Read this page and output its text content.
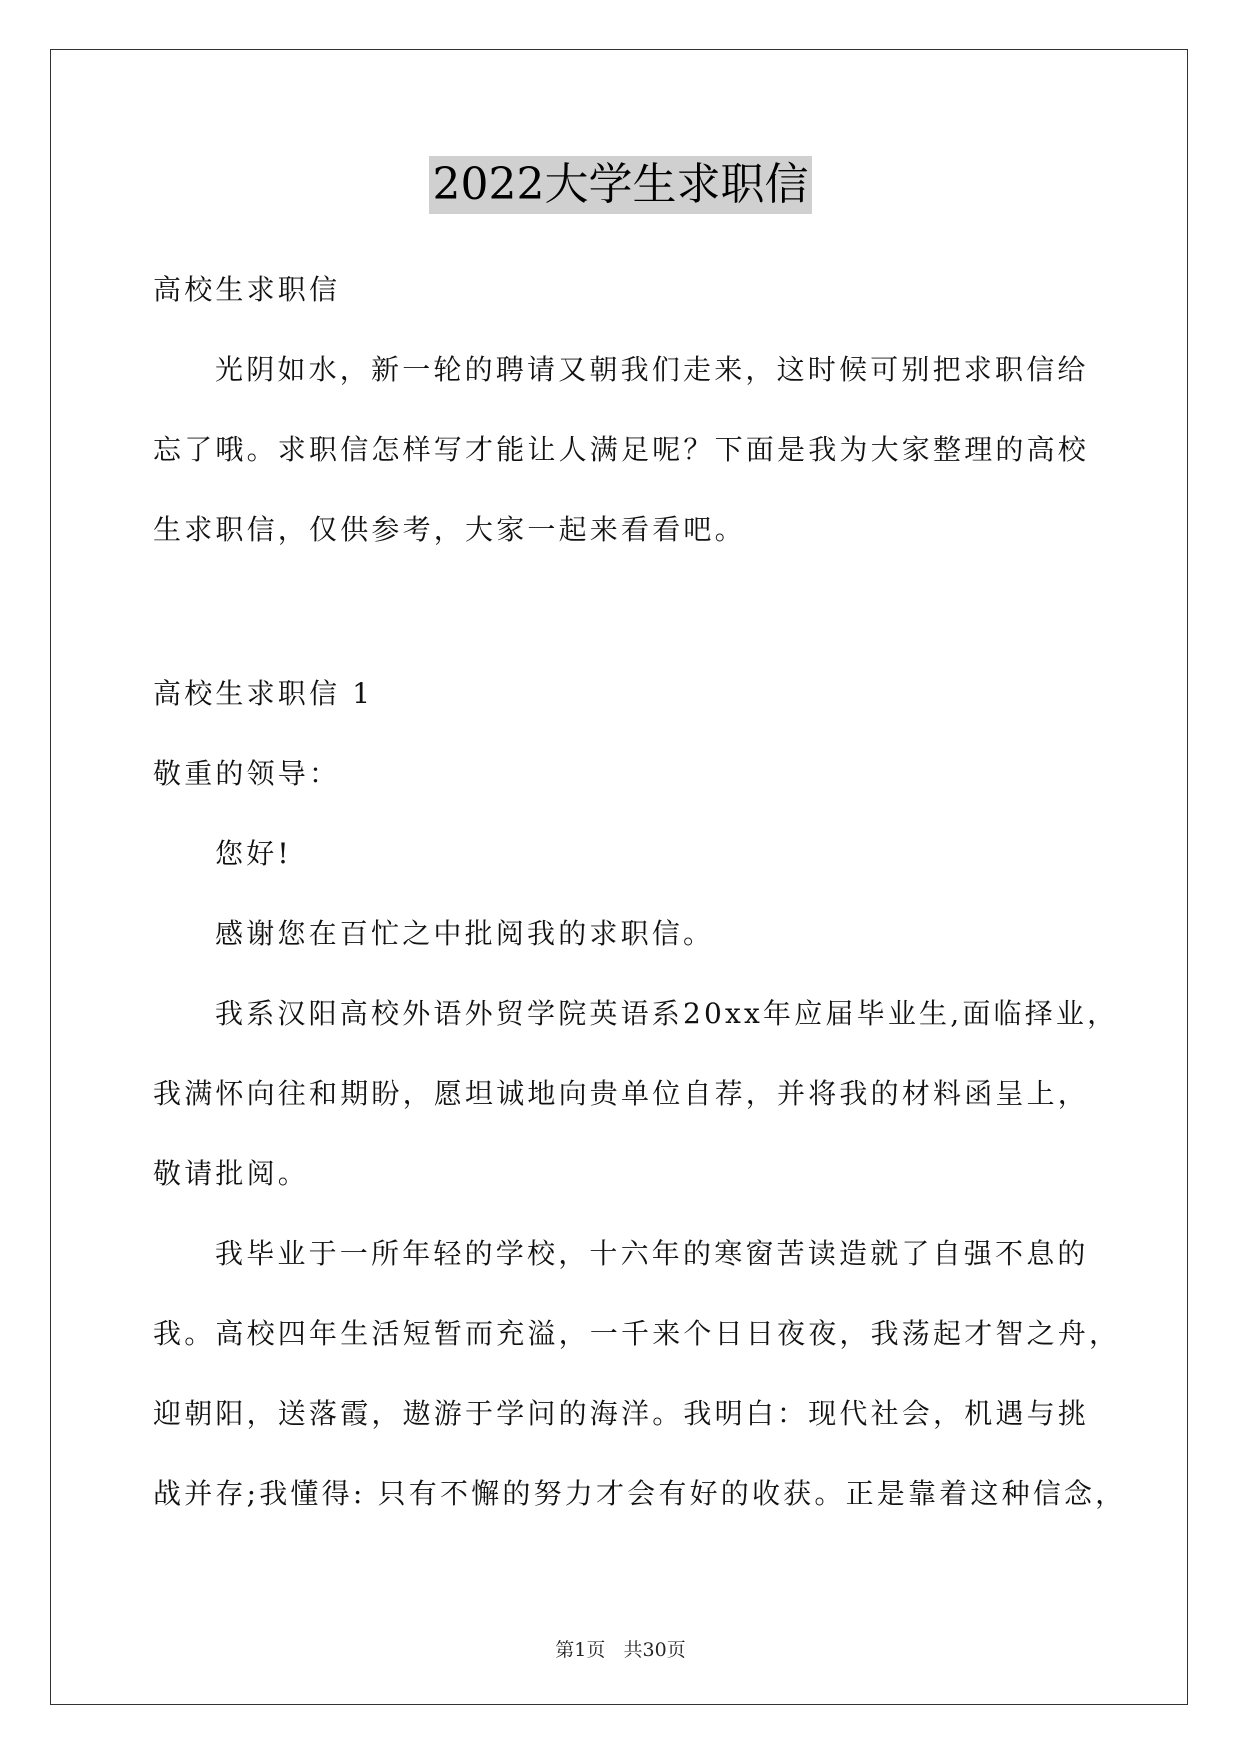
2022大学生求职信
高校生求职信
光阴如水，新一轮的聘请又朝我们走来，这时候可别把求职信给
忘了哦。求职信怎样写才能让人满足呢？下面是我为大家整理的高校
生求职信，仅供参考，大家一起来看看吧。
高校生求职信 1
敬重的领导：
您好!
感谢您在百忙之中批阅我的求职信。
我系汉阳高校外语外贸学院英语系20xx年应届毕业生,面临择业，
我满怀向往和期盼，愿坦诚地向贵单位自荐，并将我的材料函呈上，
敬请批阅。
我毕业于一所年轻的学校，十六年的寒窗苦读造就了自强不息的
我。高校四年生活短暂而充溢，一千来个日日夜夜，我荡起才智之舟，
迎朝阳，送落霞，遨游于学问的海洋。我明白：现代社会，机遇与挑
战并存;我懂得: 只有不懈的努力才会有好的收获。正是靠着这种信念，
第1页 共30页
